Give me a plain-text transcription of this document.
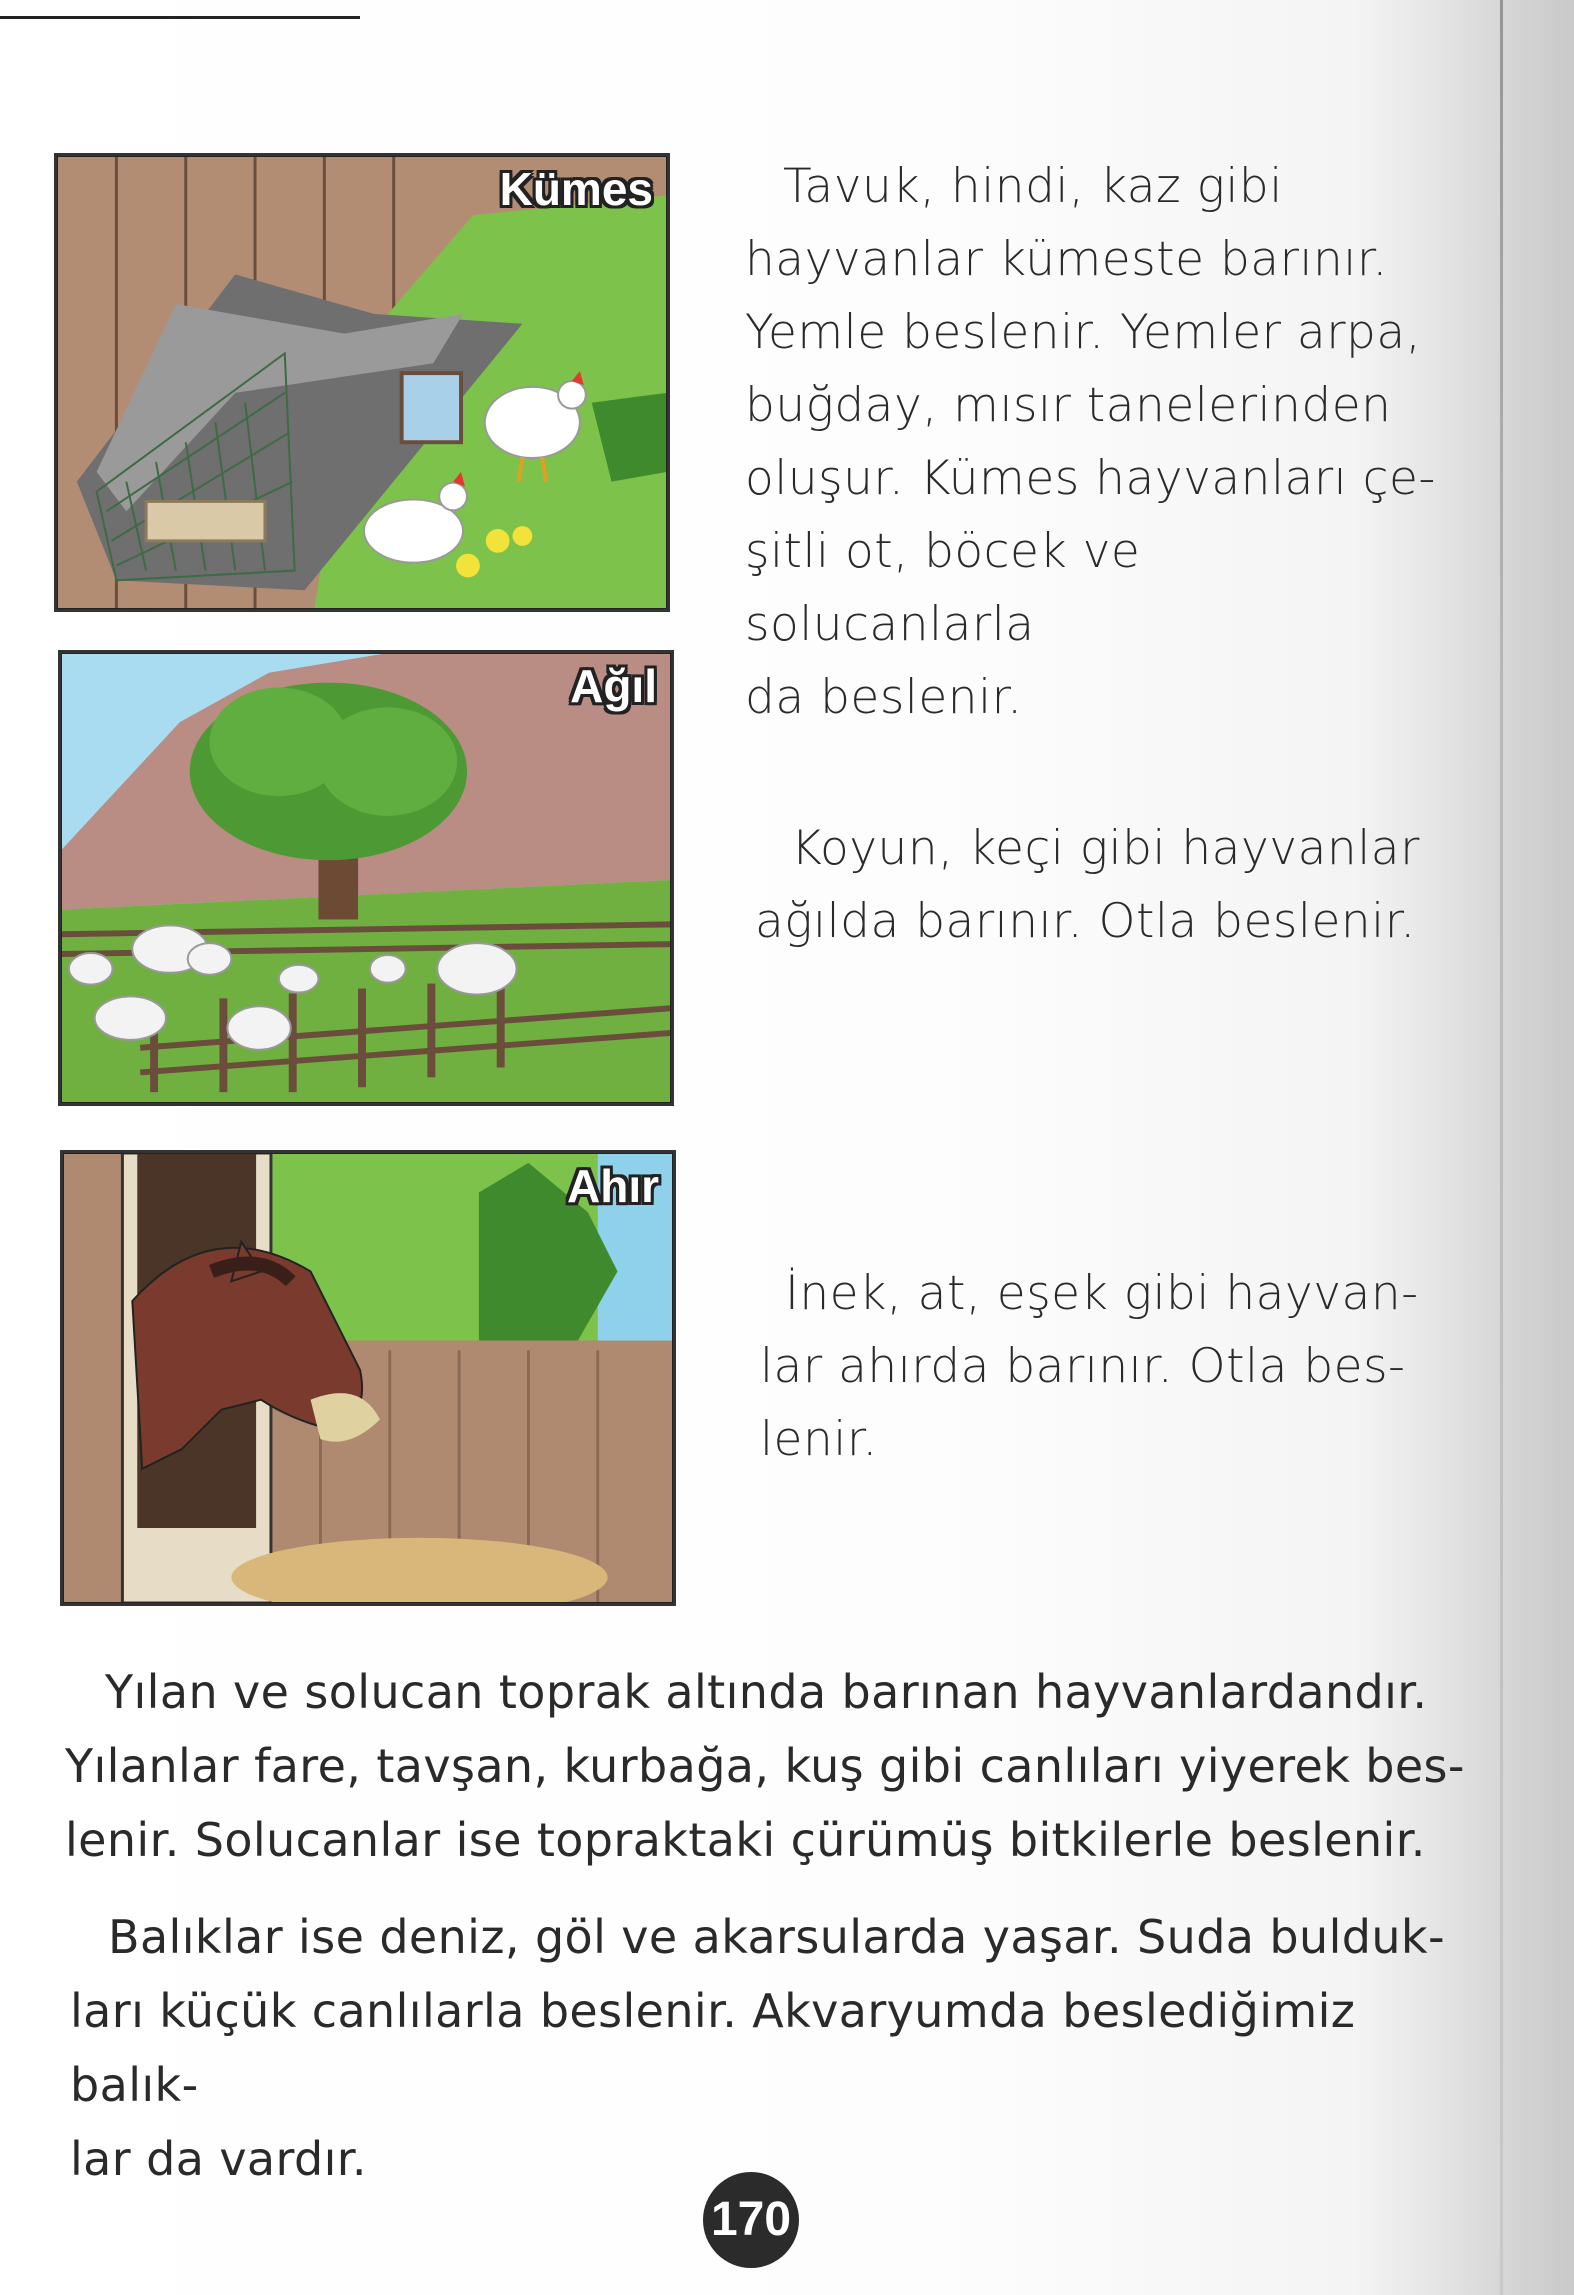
Kümes
Ağıl
Ahır

Tavuk, hindi, kaz gibi

hayvanlar kümeste barınır.

Yemle beslenir. Yemler arpa,

buğday, mısır tanelerinden

oluşur. Kümes hayvanları çe-

şitli ot, böcek ve solucanlarla

da beslenir.

Koyun, keçi gibi hayvanlar

ağılda barınır. Otla beslenir.

İnek, at, eşek gibi hayvan-

lar ahırda barınır. Otla bes-

lenir.

Yılan ve solucan toprak altında barınan hayvanlardandır.

Yılanlar fare, tavşan, kurbağa, kuş gibi canlıları yiyerek bes-

lenir. Solucanlar ise topraktaki çürümüş bitkilerle beslenir.

Balıklar ise deniz, göl ve akarsularda yaşar. Suda bulduk-

ları küçük canlılarla beslenir. Akvaryumda beslediğimiz balık-

lar da vardır.

170
